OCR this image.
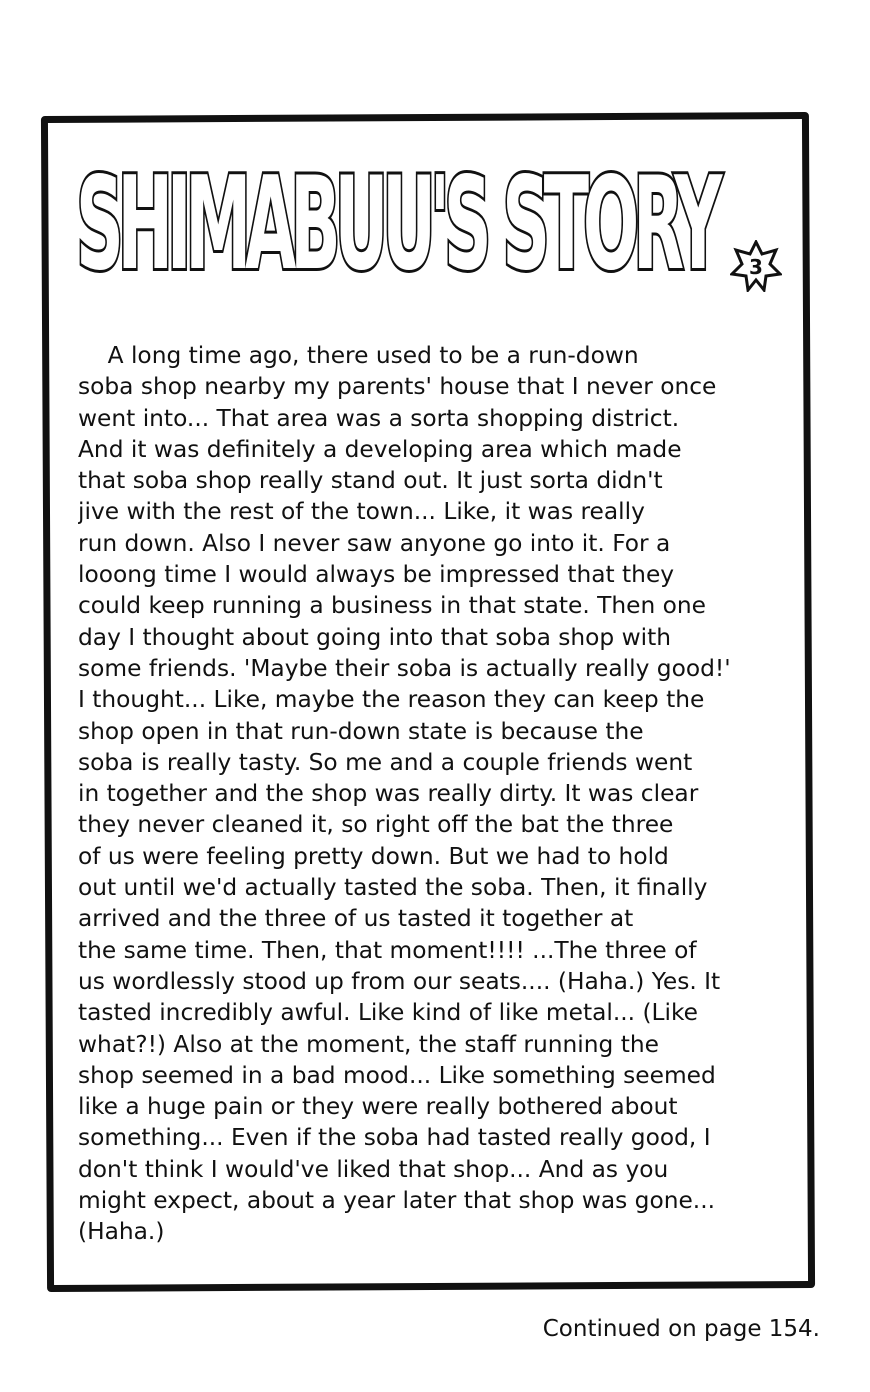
SHIMABUU'S STORY 3
A long time ago, there used to be a run-down
soba shop nearby my parents' house that I never once
went into... That area was a sorta shopping district.
And it was definitely a developing area which made
that soba shop really stand out. It just sorta didn't
jive with the rest of the town... Like, it was really
run down. Also I never saw anyone go into it. For a
looong time I would always be impressed that they
could keep running a business in that state. Then one
day I thought about going into that soba shop with
some friends. 'Maybe their soba is actually really good!'
I thought... Like, maybe the reason they can keep the
shop open in that run-down state is because the
soba is really tasty. So me and a couple friends went
in together and the shop was really dirty. It was clear
they never cleaned it, so right off the bat the three
of us were feeling pretty down. But we had to hold
out until we'd actually tasted the soba. Then, it finally
arrived and the three of us tasted it together at
the same time. Then, that moment!!!! ...The three of
us wordlessly stood up from our seats.... (Haha.) Yes. It
tasted incredibly awful. Like kind of like metal... (Like
what?!) Also at the moment, the staff running the
shop seemed in a bad mood... Like something seemed
like a huge pain or they were really bothered about
something... Even if the soba had tasted really good, I
don't think I would've liked that shop... And as you
might expect, about a year later that shop was gone...
(Haha.)
Continued on page 154.
